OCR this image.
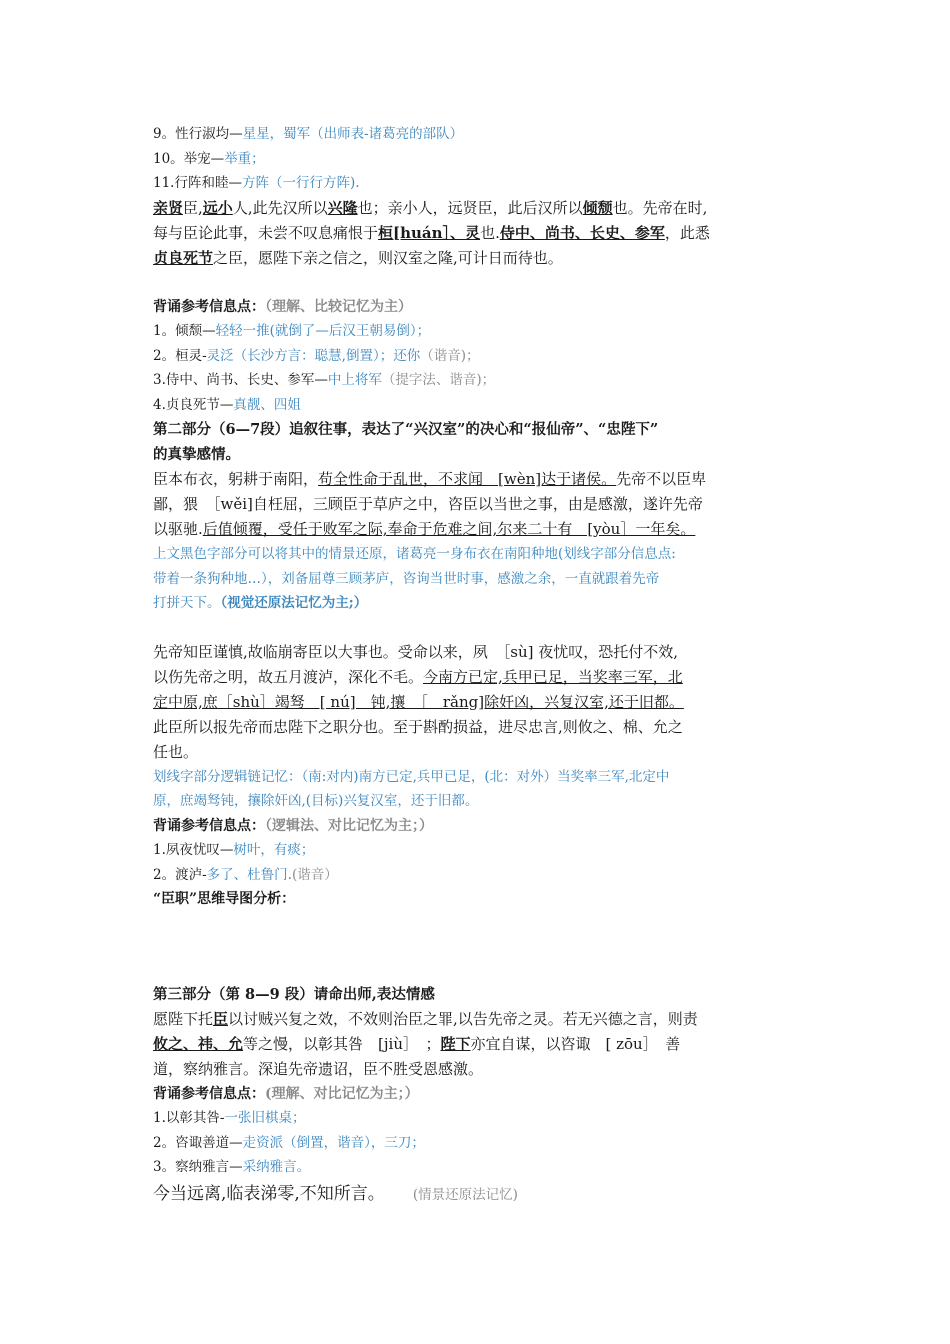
9。性行淑均—星星，蜀军（出师表-诸葛亮的部队）
10。举宠—举重；
11.行阵和睦—方阵（一行行方阵).
亲贤臣,远小人,此先汉所以兴隆也；亲小人，远贤臣，此后汉所以倾颓也。先帝在时,
每与臣论此事，未尝不叹息痛恨于桓[huán］、灵也.侍中、尚书、长史、参军，此悉
贞良死节之臣，愿陛下亲之信之，则汉室之隆,可计日而待也。
背诵参考信息点：（理解、比较记忆为主）
1。倾颓—轻轻一推(就倒了—后汉王朝易倒）；
2。桓灵-灵泛（长沙方言：聪慧,倒置）；还你（谐音)；
3.侍中、尚书、长史、参军—中上将军（提字法、谐音)；
4.贞良死节—真靓、四姐
第二部分（6—7段）追叙往事，表达了“兴汉室”的决心和“报仙帝”、“忠陛下”
的真挚感情。
臣本布衣，躬耕于南阳，苟全性命于乱世，不求闻　[wèn]达于诸侯。先帝不以臣卑
鄙，猥　［wěi]自枉屈，三顾臣于草庐之中，咨臣以当世之事，由是感激，遂许先帝
以驱驰.后值倾覆，受任于败军之际,奉命于危难之间,尔来二十有　[yòu］一年矣。
上文黑色字部分可以将其中的情景还原，诸葛亮一身布衣在南阳种地(划线字部分信息点:
带着一条狗种地…），刘备屈尊三顾茅庐，咨询当世时事，感激之余，一直就跟着先帝
打拼天下。（视觉还原法记忆为主;）
先帝知臣谨慎,故临崩寄臣以大事也。受命以来，夙　［sù] 夜忧叹，恐托付不效,
以伤先帝之明，故五月渡泸，深化不毛。今南方已定,兵甲已足，当奖率三军，北
定中原,庶［shù］竭驽　[ nú]　钝,攘　［　rǎng]除奸凶，兴复汉室,还于旧都。
此臣所以报先帝而忠陛下之职分也。至于斟酌损益，进尽忠言,则攸之、棉、允之
任也。
划线字部分逻辑链记忆：（南:对内)南方已定,兵甲已足，(北：对外）当奖率三军,北定中
原，庶竭驽钝，攘除奸凶,(目标)兴复汉室，还于旧都。
背诵参考信息点：（逻辑法、对比记忆为主；）
1.夙夜忧叹—树叶，有痰；
2。渡泸-多了、杜鲁门.(谐音）
“臣职”思维导图分析：
第三部分（第 8—9 段）请命出师,表达情感
愿陛下托臣以讨贼兴复之效，不效则治臣之罪,以告先帝之灵。若无兴德之言，则责
攸之、祎、允等之慢，以彰其咎　[jiù］　；陛下亦宜自谋，以咨诹　[ zōu］　善
道，察纳雅言。深追先帝遗诏，臣不胜受恩感激。
背诵参考信息点：(理解、对比记忆为主；）
1.以彰其咎-一张旧棋桌；
2。咨诹善道—走资派（倒置，谐音），三刀；
3。察纳雅言—采纳雅言。
今当远离,临表涕零,不知所言。 (情景还原法记忆)
